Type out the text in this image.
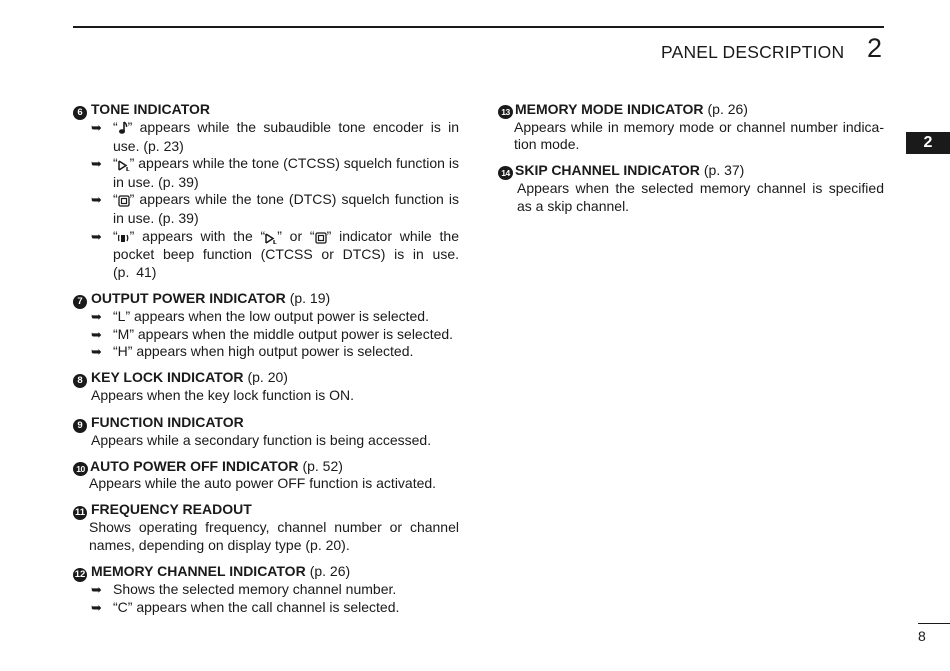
PANEL DESCRIPTION 2
2
6 TONE INDICATOR
➥ “ ” appears while the subaudible tone encoder is in use. (p. 23)
➥ “ ” appears while the tone (CTCSS) squelch function is in use. (p. 39)
➥ “ ” appears while the tone (DTCS) squelch function is in use. (p. 39)
➥ “ ” appears with the “ ” or “ ” indicator while the pocket beep function (CTCSS or DTCS) is in use. (p. 41)
7 OUTPUT POWER INDICATOR (p. 19)
➥ “L” appears when the low output power is selected.
➥ “M” appears when the middle output power is selected.
➥ “H” appears when high output power is selected.
8 KEY LOCK INDICATOR (p. 20)
Appears when the key lock function is ON.
9 FUNCTION INDICATOR
Appears while a secondary function is being accessed.
10 AUTO POWER OFF INDICATOR (p. 52)
Appears while the auto power OFF function is activated.
11 FREQUENCY READOUT
Shows operating frequency, channel number or channel names, depending on display type (p. 20).
12 MEMORY CHANNEL INDICATOR (p. 26)
➥ Shows the selected memory channel number.
➥ “C” appears when the call channel is selected.
13 MEMORY MODE INDICATOR (p. 26)
Appears while in memory mode or channel number indica-tion mode.
14 SKIP CHANNEL INDICATOR (p. 37)
Appears when the selected memory channel is specified as a skip channel.
8
